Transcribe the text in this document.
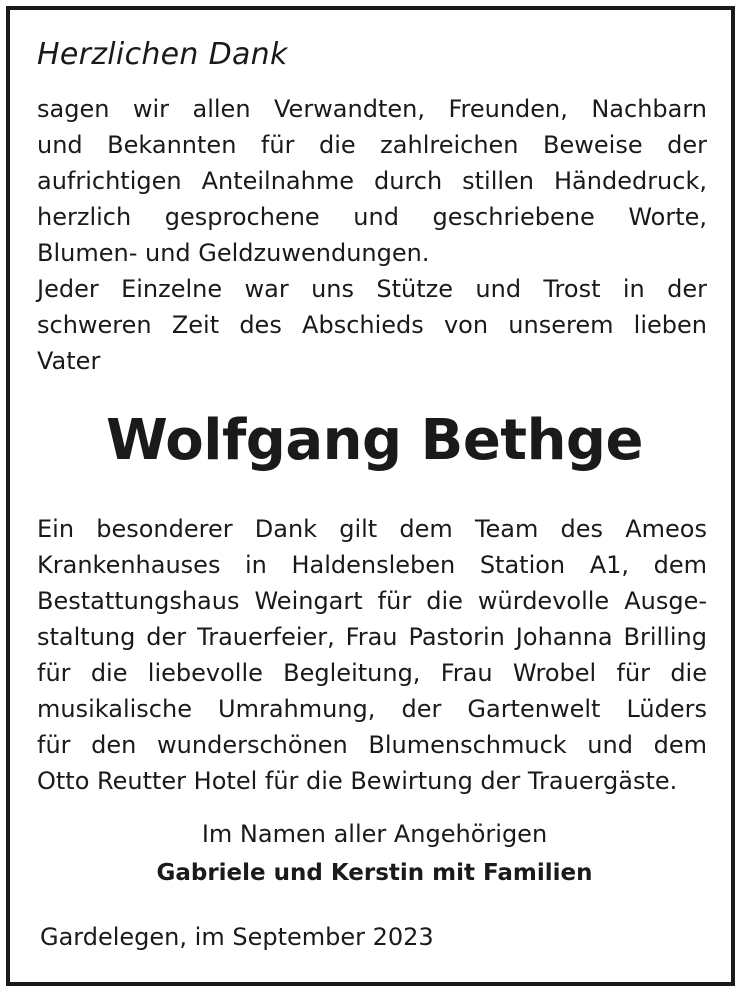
Herzlichen Dank
sagen wir allen Verwandten, Freunden, Nachbarn
und Bekannten für die zahlreichen Beweise der
aufrichtigen Anteilnahme durch stillen Händedruck,
herzlich gesprochene und geschriebene Worte,
Blumen- und Geldzuwendungen.
Jeder Einzelne war uns Stütze und Trost in der
schweren Zeit des Abschieds von unserem lieben
Vater
Wolfgang Bethge
Ein besonderer Dank gilt dem Team des Ameos
Krankenhauses in Haldensleben Station A1, dem
Bestattungshaus Weingart für die würdevolle Ausge-
staltung der Trauerfeier, Frau Pastorin Johanna Brilling
für die liebevolle Begleitung, Frau Wrobel für die
musikalische Umrahmung, der Gartenwelt Lüders
für den wunderschönen Blumenschmuck und dem
Otto Reutter Hotel für die Bewirtung der Trauergäste.
Im Namen aller Angehörigen
Gabriele und Kerstin mit Familien
Gardelegen, im September 2023
